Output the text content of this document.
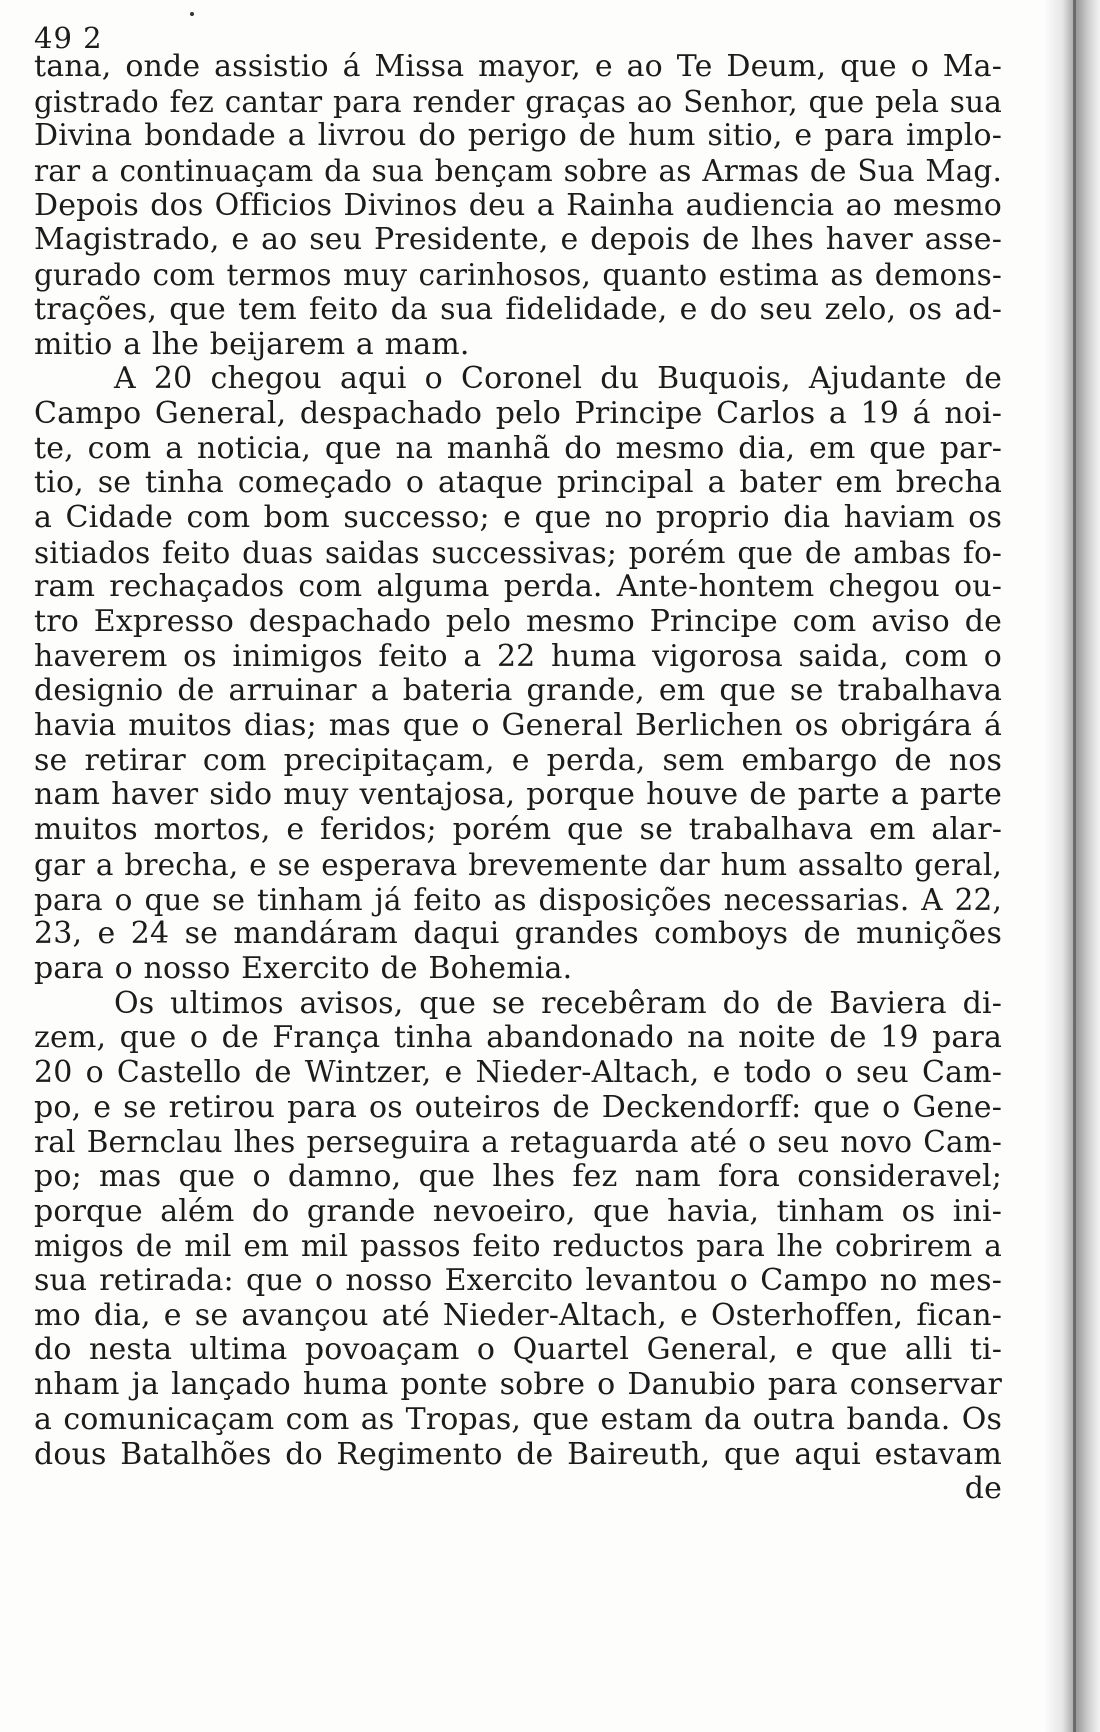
49 2
tana, onde assistio á Missa mayor, e ao Te Deum, que o Ma-
gistrado fez cantar para render graças ao Senhor, que pela sua
Divina bondade a livrou do perigo de hum sitio, e para implo-
rar a continuaçam da sua bençam sobre as Armas de Sua Mag.
Depois dos Officios Divinos deu a Rainha audiencia ao mesmo
Magistrado, e ao seu Presidente, e depois de lhes haver asse-
gurado com termos muy carinhosos, quanto estima as demons-
trações, que tem feito da sua fidelidade, e do seu zelo, os ad-
mitio a lhe beijarem a mam.
A 20 chegou aqui o Coronel du Buquois, Ajudante de
Campo General, despachado pelo Principe Carlos a 19 á noi-
te, com a noticia, que na manhã do mesmo dia, em que par-
tio, se tinha começado o ataque principal a bater em brecha
a Cidade com bom successo; e que no proprio dia haviam os
sitiados feito duas saidas successivas; porém que de ambas fo-
ram rechaçados com alguma perda. Ante-hontem chegou ou-
tro Expresso despachado pelo mesmo Principe com aviso de
haverem os inimigos feito a 22 huma vigorosa saida, com o
designio de arruinar a bateria grande, em que se trabalhava
havia muitos dias; mas que o General Berlichen os obrigára á
se retirar com precipitaçam, e perda, sem embargo de nos
nam haver sido muy ventajosa, porque houve de parte a parte
muitos mortos, e feridos; porém que se trabalhava em alar-
gar a brecha, e se esperava brevemente dar hum assalto geral,
para o que se tinham já feito as disposições necessarias. A 22,
23, e 24 se mandáram daqui grandes comboys de munições
para o nosso Exercito de Bohemia.
Os ultimos avisos, que se recebêram do de Baviera di-
zem, que o de França tinha abandonado na noite de 19 para
20 o Castello de Wintzer, e Nieder-Altach, e todo o seu Cam-
po, e se retirou para os outeiros de Deckendorff: que o Gene-
ral Bernclau lhes perseguira a retaguarda até o seu novo Cam-
po; mas que o damno, que lhes fez nam fora consideravel;
porque além do grande nevoeiro, que havia, tinham os ini-
migos de mil em mil passos feito reductos para lhe cobrirem a
sua retirada: que o nosso Exercito levantou o Campo no mes-
mo dia, e se avançou até Nieder-Altach, e Osterhoffen, fican-
do nesta ultima povoaçam o Quartel General, e que alli ti-
nham ja lançado huma ponte sobre o Danubio para conservar
a comunicaçam com as Tropas, que estam da outra banda. Os
dous Batalhões do Regimento de Baireuth, que aqui estavam
de
